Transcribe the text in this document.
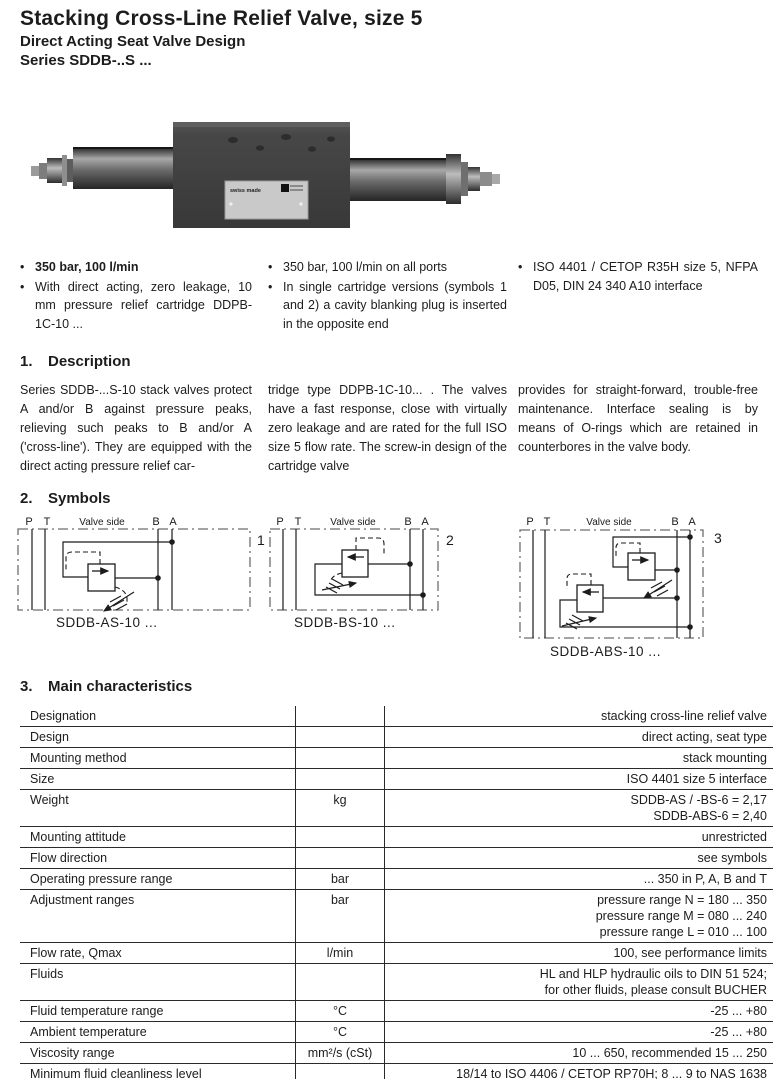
Stacking Cross-Line Relief Valve, size 5
Direct Acting Seat Valve Design
Series SDDB-..S ...
swiss made
• 350 bar, 100 l/min
• With direct acting, zero leakage, 10 mm pressure relief cartridge DDPB-1C-10 ...
• 350 bar, 100 l/min on all ports
• In single cartridge versions (symbols 1 and 2) a cavity blanking plug is inserted in the opposite end
• ISO 4401 / CETOP R35H size 5, NFPA D05, DIN 24 340 A10 interface
1. Description
Series SDDB-...S-10 stack valves protect A and/or B against pressure peaks, relieving such peaks to B and/or A ('cross-line'). They are equipped with the direct acting pressure relief car-
tridge type DDPB-1C-10... . The valves have a fast response, close with virtually zero leakage and are rated for the full ISO size 5 flow rate. The screw-in design of the cartridge valve
provides for straight-forward, trouble-free maintenance. Interface sealing is by means of O-rings which are retained in counterbores in the valve body.
2. Symbols
P T	Valve side	B A
1
SDDB-AS-10 ...
P T	Valve side	B A
2
SDDB-BS-10 ...
P T	Valve side	B A
3
SDDB-ABS-10 ...
3. Main characteristics
Designation		stacking cross-line relief valve

Design		direct acting, seat type

Mounting method		stack mounting

Size		ISO 4401 size 5 interface

Weight	kg	SDDB-AS / -BS-6 = 2,17
SDDB-ABS-6 = 2,40

Mounting attitude		unrestricted

Flow direction		see symbols

Operating pressure range	bar	... 350 in P, A, B and T

Adjustment ranges	bar	pressure range N = 180 ... 350
pressure range M = 080 ... 240
pressure range L = 010 ... 100

Flow rate, Qmax	l/min	100, see performance limits

Fluids		HL and HLP hydraulic oils to DIN 51 524;
for other fluids, please consult BUCHER

Fluid temperature range	°C	-25 ... +80

Ambient temperature	°C	-25 ... +80

Viscosity range	mm²/s (cSt)	10 ... 650, recommended 15 ... 250

Minimum fluid cleanliness level		18/14 to ISO 4406 / CETOP RP70H; 8 ... 9 to NAS 1638
